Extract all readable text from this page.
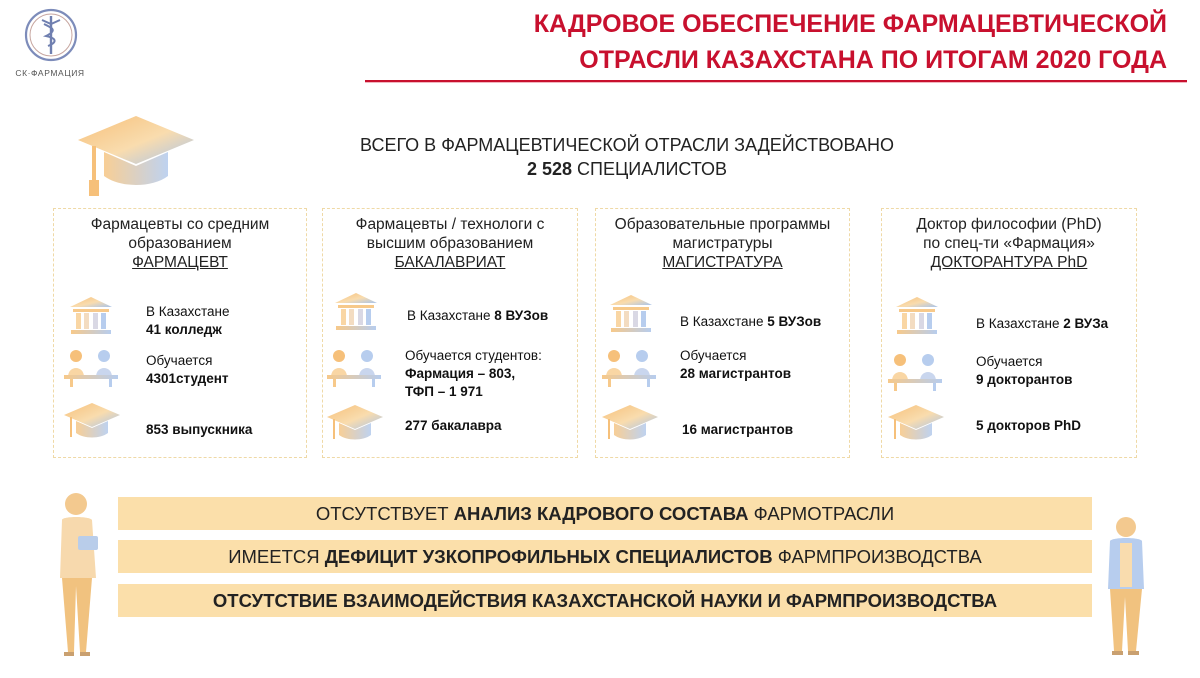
СК·ФАРМАЦИЯ
КАДРОВОЕ ОБЕСПЕЧЕНИЕ ФАРМАЦЕВТИЧЕСКОЙ
ОТРАСЛИ КАЗАХСТАНА ПО ИТОГАМ 2020 ГОДА
ВСЕГО В ФАРМАЦЕВТИЧЕСКОЙ ОТРАСЛИ ЗАДЕЙСТВОВАНО
2 528 СПЕЦИАЛИСТОВ
Фармацевты со средним
образованием
ФАРМАЦЕВТ
В Казахстане
41 колледж
Обучается
4301студент
853 выпускника
Фармацевты / технологи с
высшим образованием
БАКАЛАВРИАТ
В Казахстане 8 ВУЗов
Обучается студентов:
Фармация – 803,
ТФП – 1 971
277 бакалавра
Образовательные программы
магистратуры
МАГИСТРАТУРА
В Казахстане 5 ВУЗов
Обучается
28 магистрантов
16 магистрантов
Доктор философии (PhD)
по спец-ти «Фармация»
ДОКТОРАНТУРА PhD
В Казахстане 2 ВУЗа
Обучается
9 докторантов
5 докторов PhD
ОТСУТСТВУЕТ АНАЛИЗ КАДРОВОГО СОСТАВА ФАРМОТРАСЛИ
ИМЕЕТСЯ ДЕФИЦИТ УЗКОПРОФИЛЬНЫХ СПЕЦИАЛИСТОВ ФАРМПРОИЗВОДСТВА
ОТСУТСТВИЕ ВЗАИМОДЕЙСТВИЯ КАЗАХСТАНСКОЙ НАУКИ И ФАРМПРОИЗВОДСТВА
